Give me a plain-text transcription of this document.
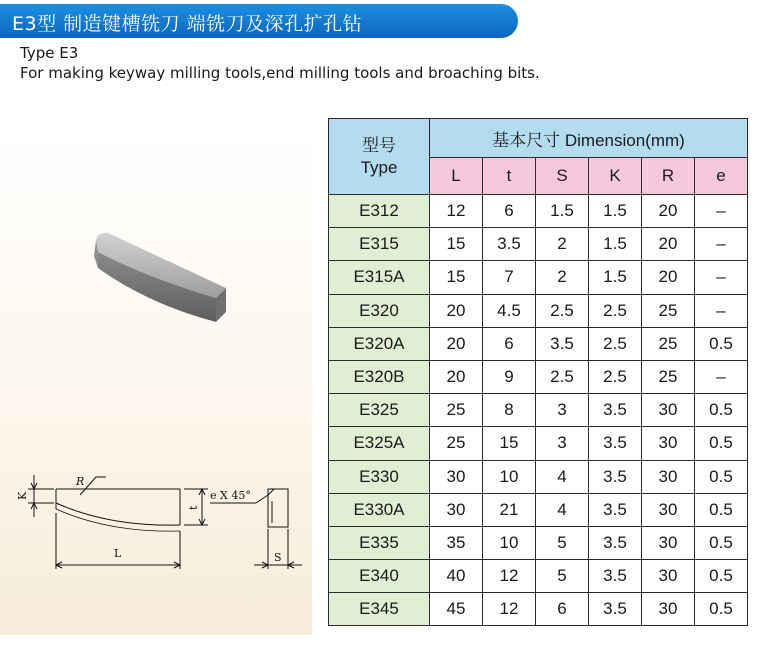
E3型 制造键槽铣刀 端铣刀及深孔扩孔钻
Type E3
For making keyway milling tools,end milling tools and broaching bits.
K
R
L
t
e X 45°
S
型号
Type	基本尺寸 Dimension(mm)					
	L	t	S	K	R	e
E312	12	6	1.5	1.5	20	–
E315	15	3.5	2	1.5	20	–
E315A	15	7	2	1.5	20	–
E320	20	4.5	2.5	2.5	25	–
E320A	20	6	3.5	2.5	25	0.5
E320B	20	9	2.5	2.5	25	–
E325	25	8	3	3.5	30	0.5
E325A	25	15	3	3.5	30	0.5
E330	30	10	4	3.5	30	0.5
E330A	30	21	4	3.5	30	0.5
E335	35	10	5	3.5	30	0.5
E340	40	12	5	3.5	30	0.5
E345	45	12	6	3.5	30	0.5
